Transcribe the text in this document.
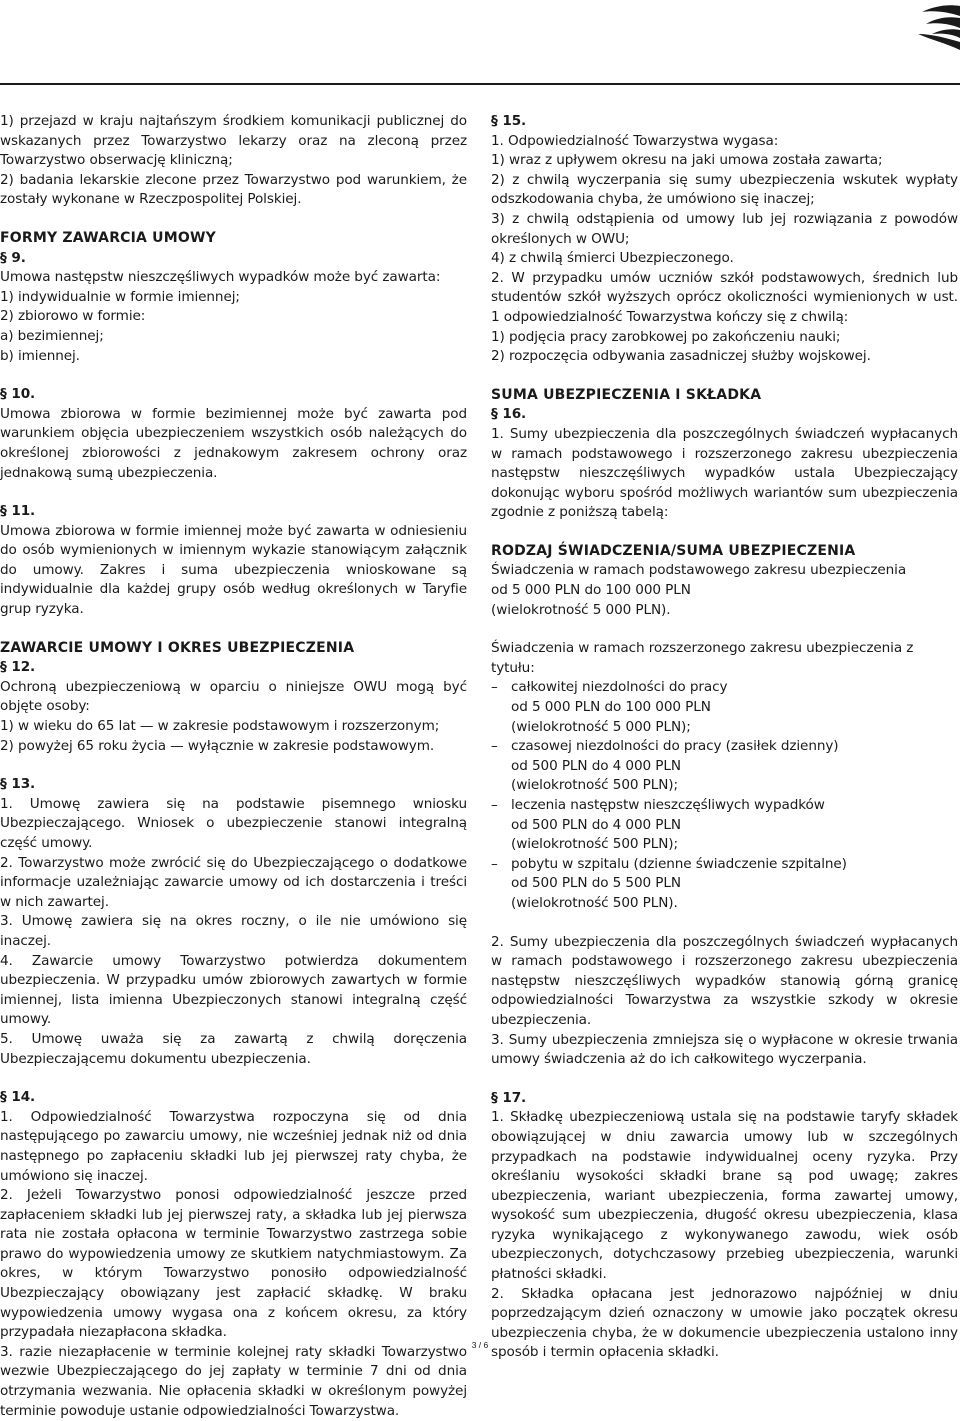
1) przejazd w kraju najtańszym środkiem komunikacji publicznej do wskazanych przez Towarzystwo lekarzy oraz na zleconą przez Towarzystwo obserwację kliniczną;
2) badania lekarskie zlecone przez Towarzystwo pod warunkiem, że zostały wykonane w Rzeczpospolitej Polskiej.
FORMY ZAWARCIA UMOWY
§ 9.
Umowa następstw nieszczęśliwych wypadków może być zawarta:
1) indywidualnie w formie imiennej;
2) zbiorowo w formie:
a) bezimiennej;
b) imiennej.
§ 10.
Umowa zbiorowa w formie bezimiennej może być zawarta pod warunkiem objęcia ubezpieczeniem wszystkich osób należących do określonej zbiorowości z jednakowym zakresem ochrony oraz jednakową sumą ubezpieczenia.
§ 11.
Umowa zbiorowa w formie imiennej może być zawarta w odniesieniu do osób wymienionych w imiennym wykazie stanowiącym załącznik do umowy. Zakres i suma ubezpieczenia wnioskowane są indywidualnie dla każdej grupy osób według określonych w Taryfie grup ryzyka.
ZAWARCIE UMOWY I OKRES UBEZPIECZENIA
§ 12.
Ochroną ubezpieczeniową w oparciu o niniejsze OWU mogą być objęte osoby:
1) w wieku do 65 lat — w zakresie podstawowym i rozszerzonym;
2) powyżej 65 roku życia — wyłącznie w zakresie podstawowym.
§ 13.
1. Umowę zawiera się na podstawie pisemnego wniosku Ubezpieczającego. Wniosek o ubezpieczenie stanowi integralną część umowy.
2. Towarzystwo może zwrócić się do Ubezpieczającego o dodatkowe informacje uzależniając zawarcie umowy od ich dostarczenia i treści w nich zawartej.
3. Umowę zawiera się na okres roczny, o ile nie umówiono się inaczej.
4. Zawarcie umowy Towarzystwo potwierdza dokumentem ubezpieczenia. W przypadku umów zbiorowych zawartych w formie imiennej, lista imienna Ubezpieczonych stanowi integralną część umowy.
5. Umowę uważa się za zawartą z chwilą doręczenia Ubezpieczającemu dokumentu ubezpieczenia.
§ 14.
1. Odpowiedzialność Towarzystwa rozpoczyna się od dnia następującego po zawarciu umowy, nie wcześniej jednak niż od dnia następnego po zapłaceniu składki lub jej pierwszej raty chyba, że umówiono się inaczej.
2. Jeżeli Towarzystwo ponosi odpowiedzialność jeszcze przed zapłaceniem składki lub jej pierwszej raty, a składka lub jej pierwsza rata nie została opłacona w terminie Towarzystwo zastrzega sobie prawo do wypowiedzenia umowy ze skutkiem natychmiastowym. Za okres, w którym Towarzystwo ponosiło odpowiedzialność Ubezpieczający obowiązany jest zapłacić składkę. W braku wypowiedzenia umowy wygasa ona z końcem okresu, za który przypadała niezapłacona składka.
3. razie niezapłacenie w terminie kolejnej raty składki Towarzystwo wezwie Ubezpieczającego do jej zapłaty w terminie 7 dni od dnia otrzymania wezwania. Nie opłacenia składki w określonym powyżej terminie powoduje ustanie odpowiedzialności Towarzystwa.
§ 15.
1. Odpowiedzialność Towarzystwa wygasa:
1) wraz z upływem okresu na jaki umowa została zawarta;
2) z chwilą wyczerpania się sumy ubezpieczenia wskutek wypłaty odszkodowania chyba, że umówiono się inaczej;
3) z chwilą odstąpienia od umowy lub jej rozwiązania z powodów określonych w OWU;
4) z chwilą śmierci Ubezpieczonego.
2. W przypadku umów uczniów szkół podstawowych, średnich lub studentów szkół wyższych oprócz okoliczności wymienionych w ust. 1 odpowiedzialność Towarzystwa kończy się z chwilą:
1) podjęcia pracy zarobkowej po zakończeniu nauki;
2) rozpoczęcia odbywania zasadniczej służby wojskowej.
SUMA UBEZPIECZENIA I SKŁADKA
§ 16.
1. Sumy ubezpieczenia dla poszczególnych świadczeń wypłacanych w ramach podstawowego i rozszerzonego zakresu ubezpieczenia następstw nieszczęśliwych wypadków ustala Ubezpieczający dokonując wyboru spośród możliwych wariantów sum ubezpieczenia zgodnie z poniższą tabelą:
RODZAJ ŚWIADCZENIA/SUMA UBEZPIECZENIA
Świadczenia w ramach podstawowego zakresu ubezpieczenia
od 5 000 PLN do 100 000 PLN
(wielokrotność 5 000 PLN).
Świadczenia w ramach rozszerzonego zakresu ubezpieczenia z tytułu:
– całkowitej niezdolności do pracy
od 5 000 PLN do 100 000 PLN
(wielokrotność 5 000 PLN);
– czasowej niezdolności do pracy (zasiłek dzienny)
od 500 PLN do 4 000 PLN
(wielokrotność 500 PLN);
– leczenia następstw nieszczęśliwych wypadków
od 500 PLN do 4 000 PLN
(wielokrotność 500 PLN);
– pobytu w szpitalu (dzienne świadczenie szpitalne)
od 500 PLN do 5 500 PLN
(wielokrotność 500 PLN).
2. Sumy ubezpieczenia dla poszczególnych świadczeń wypłacanych w ramach podstawowego i rozszerzonego zakresu ubezpieczenia następstw nieszczęśliwych wypadków stanowią górną granicę odpowiedzialności Towarzystwa za wszystkie szkody w okresie ubezpieczenia.
3. Sumy ubezpieczenia zmniejsza się o wypłacone w okresie trwania umowy świadczenia aż do ich całkowitego wyczerpania.
§ 17.
1. Składkę ubezpieczeniową ustala się na podstawie taryfy składek obowiązującej w dniu zawarcia umowy lub w szczególnych przypadkach na podstawie indywidualnej oceny ryzyka. Przy określaniu wysokości składki brane są pod uwagę; zakres ubezpieczenia, wariant ubezpieczenia, forma zawartej umowy, wysokość sum ubezpieczenia, długość okresu ubezpieczenia, klasa ryzyka wynikającego z wykonywanego zawodu, wiek osób ubezpieczonych, dotychczasowy przebieg ubezpieczenia, warunki płatności składki.
2. Składka opłacana jest jednorazowo najpóźniej w dniu poprzedzającym dzień oznaczony w umowie jako początek okresu ubezpieczenia chyba, że w dokumencie ubezpieczenia ustalono inny sposób i termin opłacenia składki.
3 / 6
